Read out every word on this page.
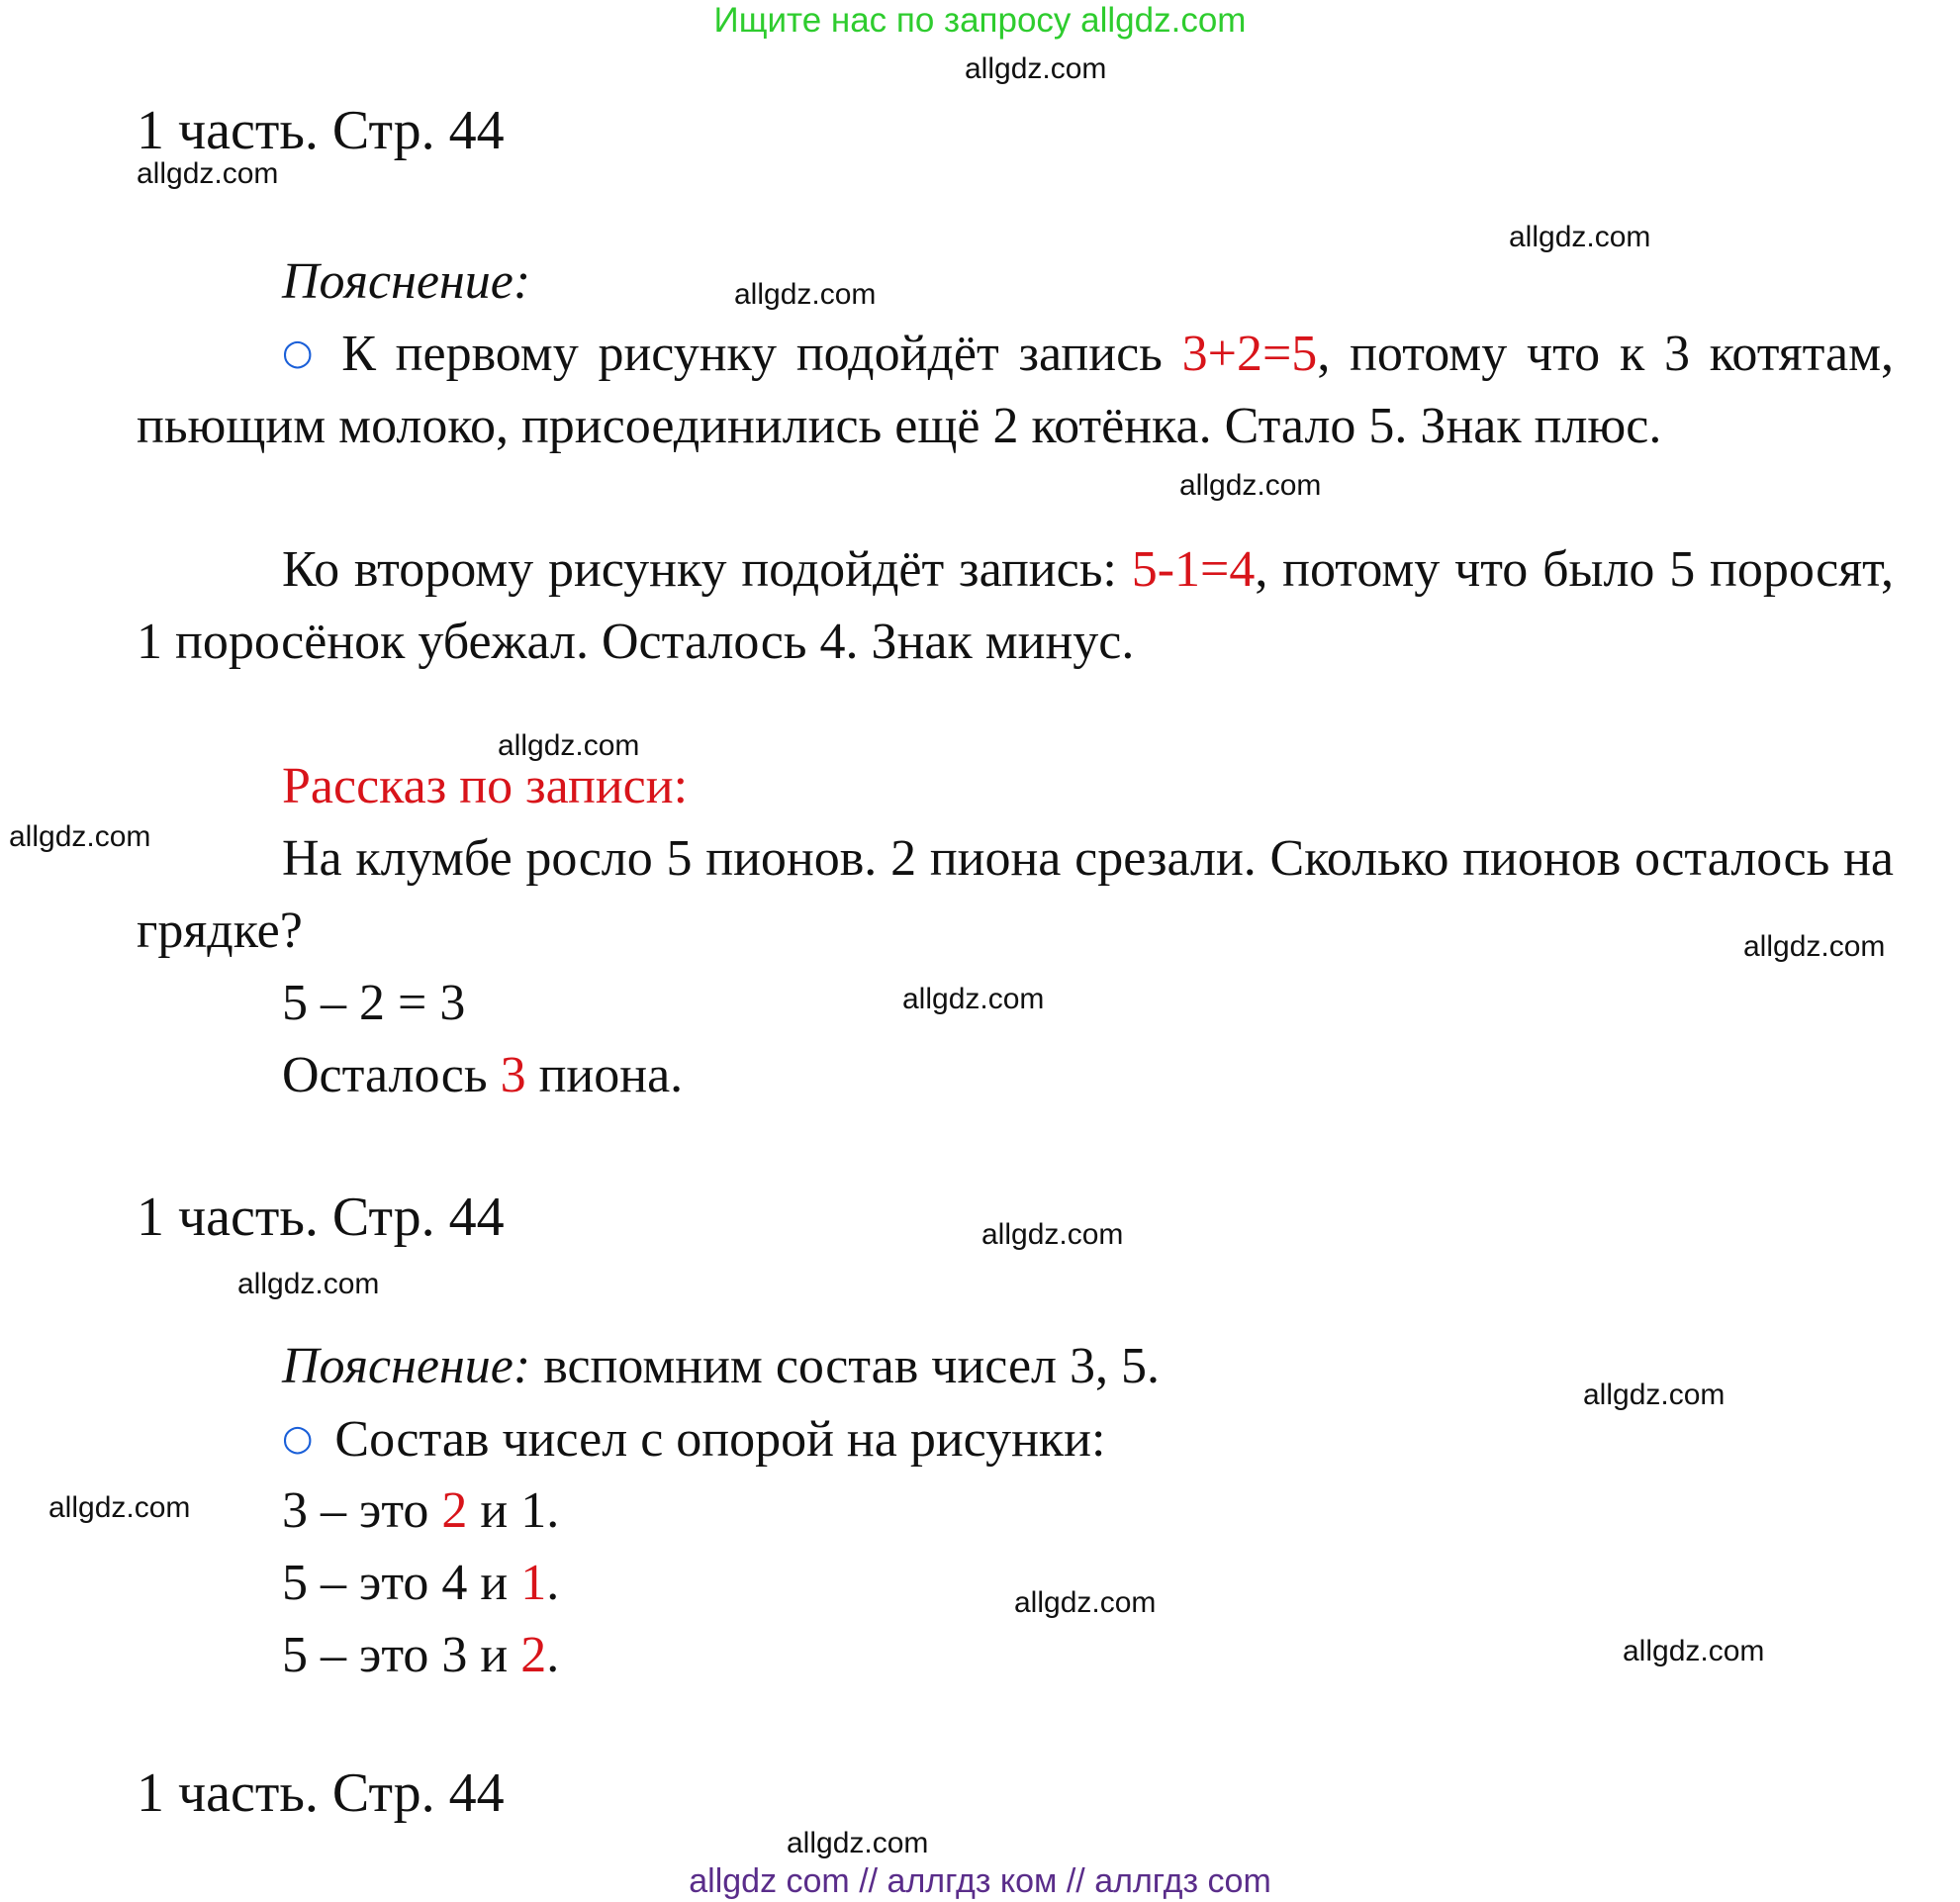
Ищите нас по запросу allgdz.com
allgdz.com
allgdz.com
allgdz.com
allgdz.com
allgdz.com
allgdz.com
allgdz.com
allgdz.com
allgdz.com
allgdz.com
allgdz.com
allgdz.com
allgdz.com
allgdz.com
allgdz.com
allgdz.com
1 часть. Стр. 44
Пояснение:
○ К первому рисунку подойдёт запись 3+2=5, потому что к 3 котятам, пьющим молоко, присоединились ещё 2 котёнка. Стало 5. Знак плюс.
Ко второму рисунку подойдёт запись: 5-1=4, потому что было 5 поросят, 1 поросёнок убежал. Осталось 4. Знак минус.
Рассказ по записи:
На клумбе росло 5 пионов. 2 пиона срезали. Сколько пионов осталось на грядке?
5 – 2 = 3
Осталось 3 пиона.
1 часть. Стр. 44
Пояснение: вспомним состав чисел 3, 5.
○ Состав чисел с опорой на рисунки:
3 – это 2 и 1.
5 – это 4 и 1.
5 – это 3 и 2.
1 часть. Стр. 44
allgdz com // аллгдз ком // аллгдз com
